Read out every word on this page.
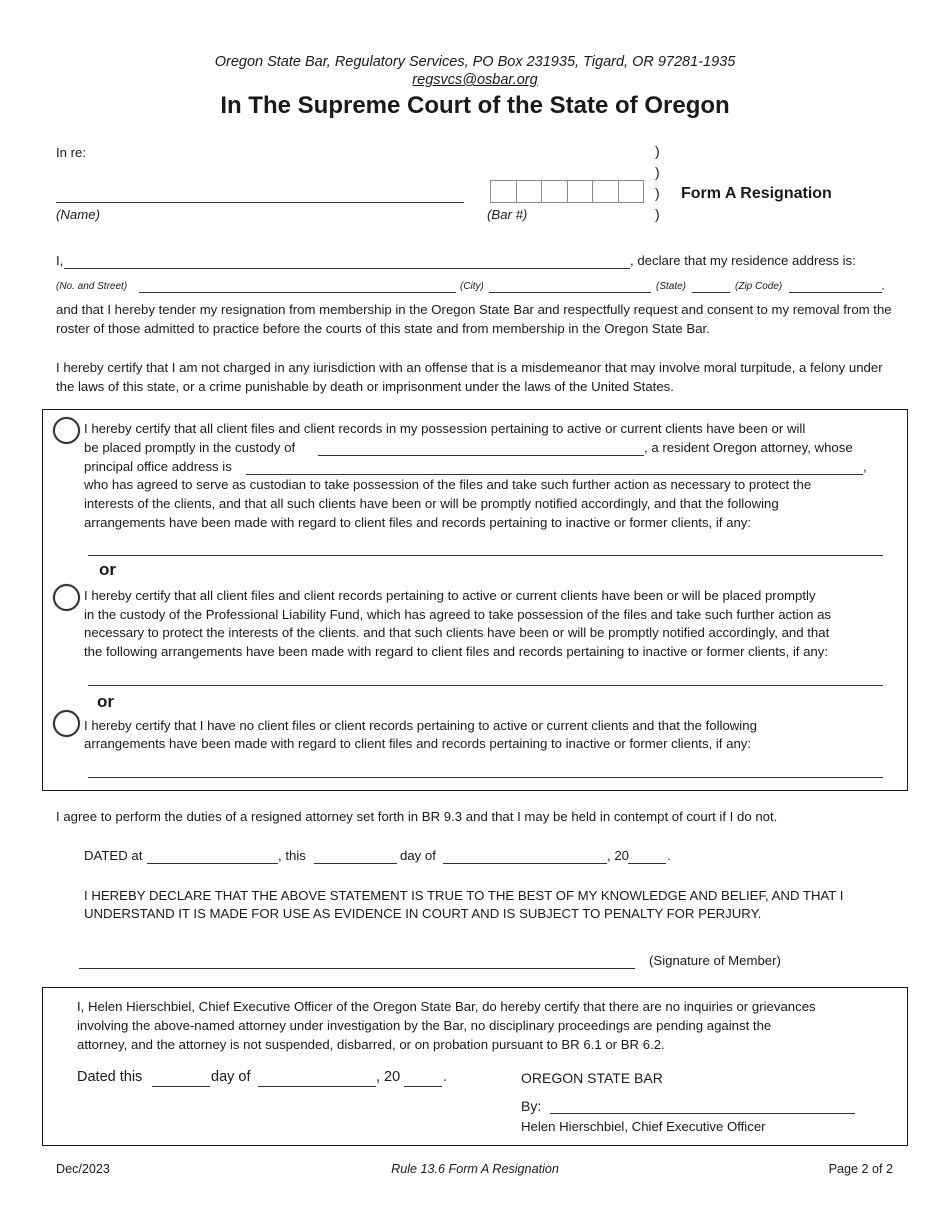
Oregon State Bar, Regulatory Services, PO Box 231935, Tigard, OR 97281-1935
regsvcs@osbar.org
In The Supreme Court of the State of Oregon
In re:
(Name)	(Bar #)
)
)
)
)
Form A Resignation
I,	, declare that my residence address is:
(No. and Street)	(City)	(State)	(Zip Code)	,
and that I hereby tender my resignation from membership in the Oregon State Bar and respectfully request and consent to my removal from the roster of those admitted to practice before the courts of this state and from membership in the Oregon State Bar.
I hereby certify that I am not charged in any iurisdiction with an offense that is a misdemeanor that may involve moral turpitude, a felony under the laws of this state, or a crime punishable by death or imprisonment under the laws of the United States.
I hereby certify that all client files and client records in my possession pertaining to active or current clients have been or will
be placed promptly in the custody of	, a resident Oregon attorney, whose
principal office address is	,
who has agreed to serve as custodian to take possession of the files and take such further action as necessary to protect the
interests of the clients, and that all such clients have been or will be promptly notified accordingly, and that the following
arrangements have been made with regard to client files and records pertaining to inactive or former clients, if any:
or
I hereby certify that all client files and client records pertaining to active or current clients have been or will be placed promptly
in the custody of the Professional Liability Fund, which has agreed to take possession of the files and take such further action as
necessary to protect the interests of the clients. and that such clients have been or will be promptly notified accordingly, and that
the following arrangements have been made with regard to client files and records pertaining to inactive or former clients, if any:
or
I hereby certify that I have no client files or client records pertaining to active or current clients and that the following
arrangements have been made with regard to client files and records pertaining to inactive or former clients, if any:
I agree to perform the duties of a resigned attorney set forth in BR 9.3 and that I may be held in contempt of court if I do not.
DATED at	, this	day of	, 20	.
I HEREBY DECLARE THAT THE ABOVE STATEMENT IS TRUE TO THE BEST OF MY KNOWLEDGE AND BELIEF, AND THAT I
UNDERSTAND IT IS MADE FOR USE AS EVIDENCE IN COURT AND IS SUBJECT TO PENALTY FOR PERJURY.
(Signature of Member)
I, Helen Hierschbiel, Chief Executive Officer of the Oregon State Bar, do hereby certify that there are no inquiries or grievances
involving the above-named attorney under investigation by the Bar, no disciplinary proceedings are pending against the
attorney, and the attorney is not suspended, disbarred, or on probation pursuant to BR 6.1 or BR 6.2.
Dated this	day of	, 20	.	OREGON STATE BAR
By:
Helen Hierschbiel, Chief Executive Officer
Dec/2023	Rule 13.6 Form A Resignation	Page 2 of 2
